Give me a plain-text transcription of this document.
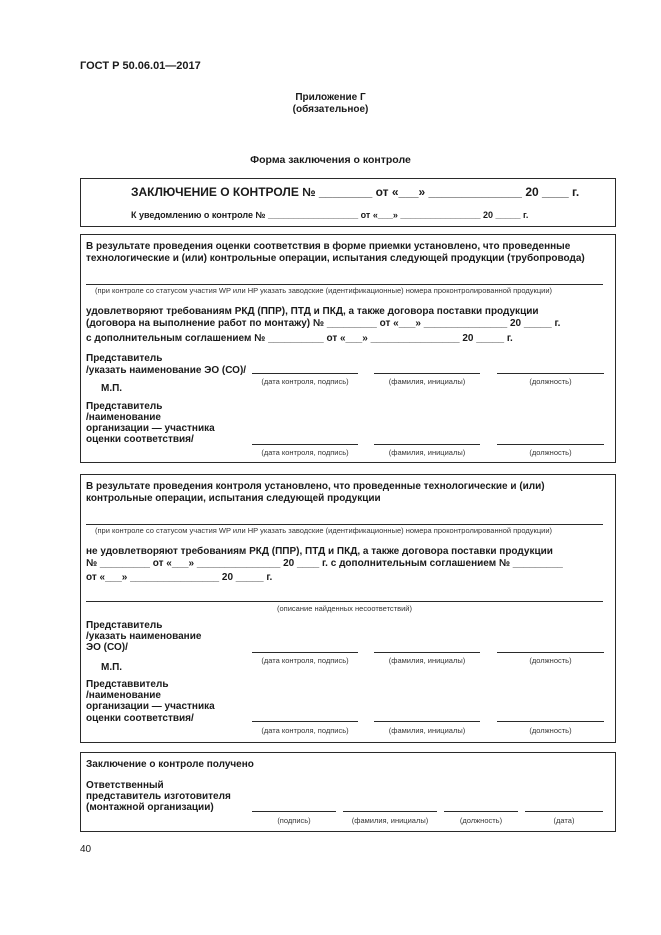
ГОСТ Р 50.06.01—2017
Приложение Г
(обязательное)
Форма заключения о контроле
ЗАКЛЮЧЕНИЕ О КОНТРОЛЕ № ________ от «___» ______________ 20 ____ г.
К уведомлению о контроле № __________________ от «___» ________________ 20 _____ г.
В результате проведения оценки соответствия в форме приемки установлено, что проведенные
технологические и (или) контрольные операции, испытания следующей продукции (трубопровода)
(при контроле со статусом участия WP или HP указать заводские (идентификационные) номера проконтролированной продукции)
удовлетворяют требованиям РКД (ППР), ПТД и ПКД, а также договора поставки продукции
(договора на выполнение работ по монтажу) № _________ от «___» _______________ 20 _____ г.
с дополнительным соглашением № __________ от «___» ________________ 20 _____ г.
Представитель
/указать наименование ЭО (СО)/
(дата контроля, подпись)	(фамилия, инициалы)	(должность)
М.П.
Представитель
/наименование
организации — участника
оценки соответствия/
(дата контроля, подпись)	(фамилия, инициалы)	(должность)
В результате проведения контроля установлено, что проведенные технологические и (или)
контрольные операции, испытания следующей продукции
(при контроле со статусом участия WP или HP указать заводские (идентификационные) номера проконтролированной продукции)
не удовлетворяют требованиям РКД (ППР), ПТД и ПКД, а также договора поставки продукции
№ _________ от «___» _______________ 20 ____ г. с дополнительным соглашением № _________
от «___» ________________ 20 _____ г.
(описание найденных несоответствий)
Представитель
/указать наименование
ЭО (СО)/
(дата контроля, подпись)	(фамилия, инициалы)	(должность)
М.П.
Представвитель
/наименование
организации — участника
оценки соответствия/
(дата контроля, подпись)	(фамилия, инициалы)	(должность)
Заключение о контроле получено
Ответственный
представитель изготовителя
(монтажной организации)
(подпись)	(фамилия, инициалы)	(должность)	(дата)
40
